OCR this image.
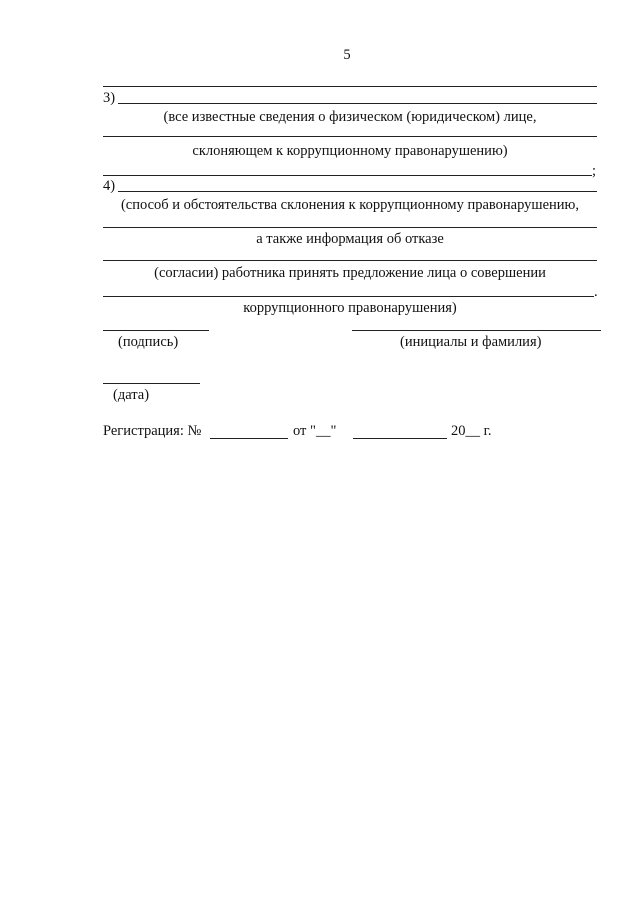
5
3)
(все известные сведения о физическом (юридическом) лице,
склоняющем к коррупционному правонарушению)
;
4)
(способ и обстоятельства склонения к коррупционному правонарушению,
а также информация об отказе
(согласии) работника принять предложение лица о совершении
.
коррупционного правонарушения)
(подпись)	(инициалы и фамилия)
(дата)
Регистрация: №	от "__"	20__ г.
